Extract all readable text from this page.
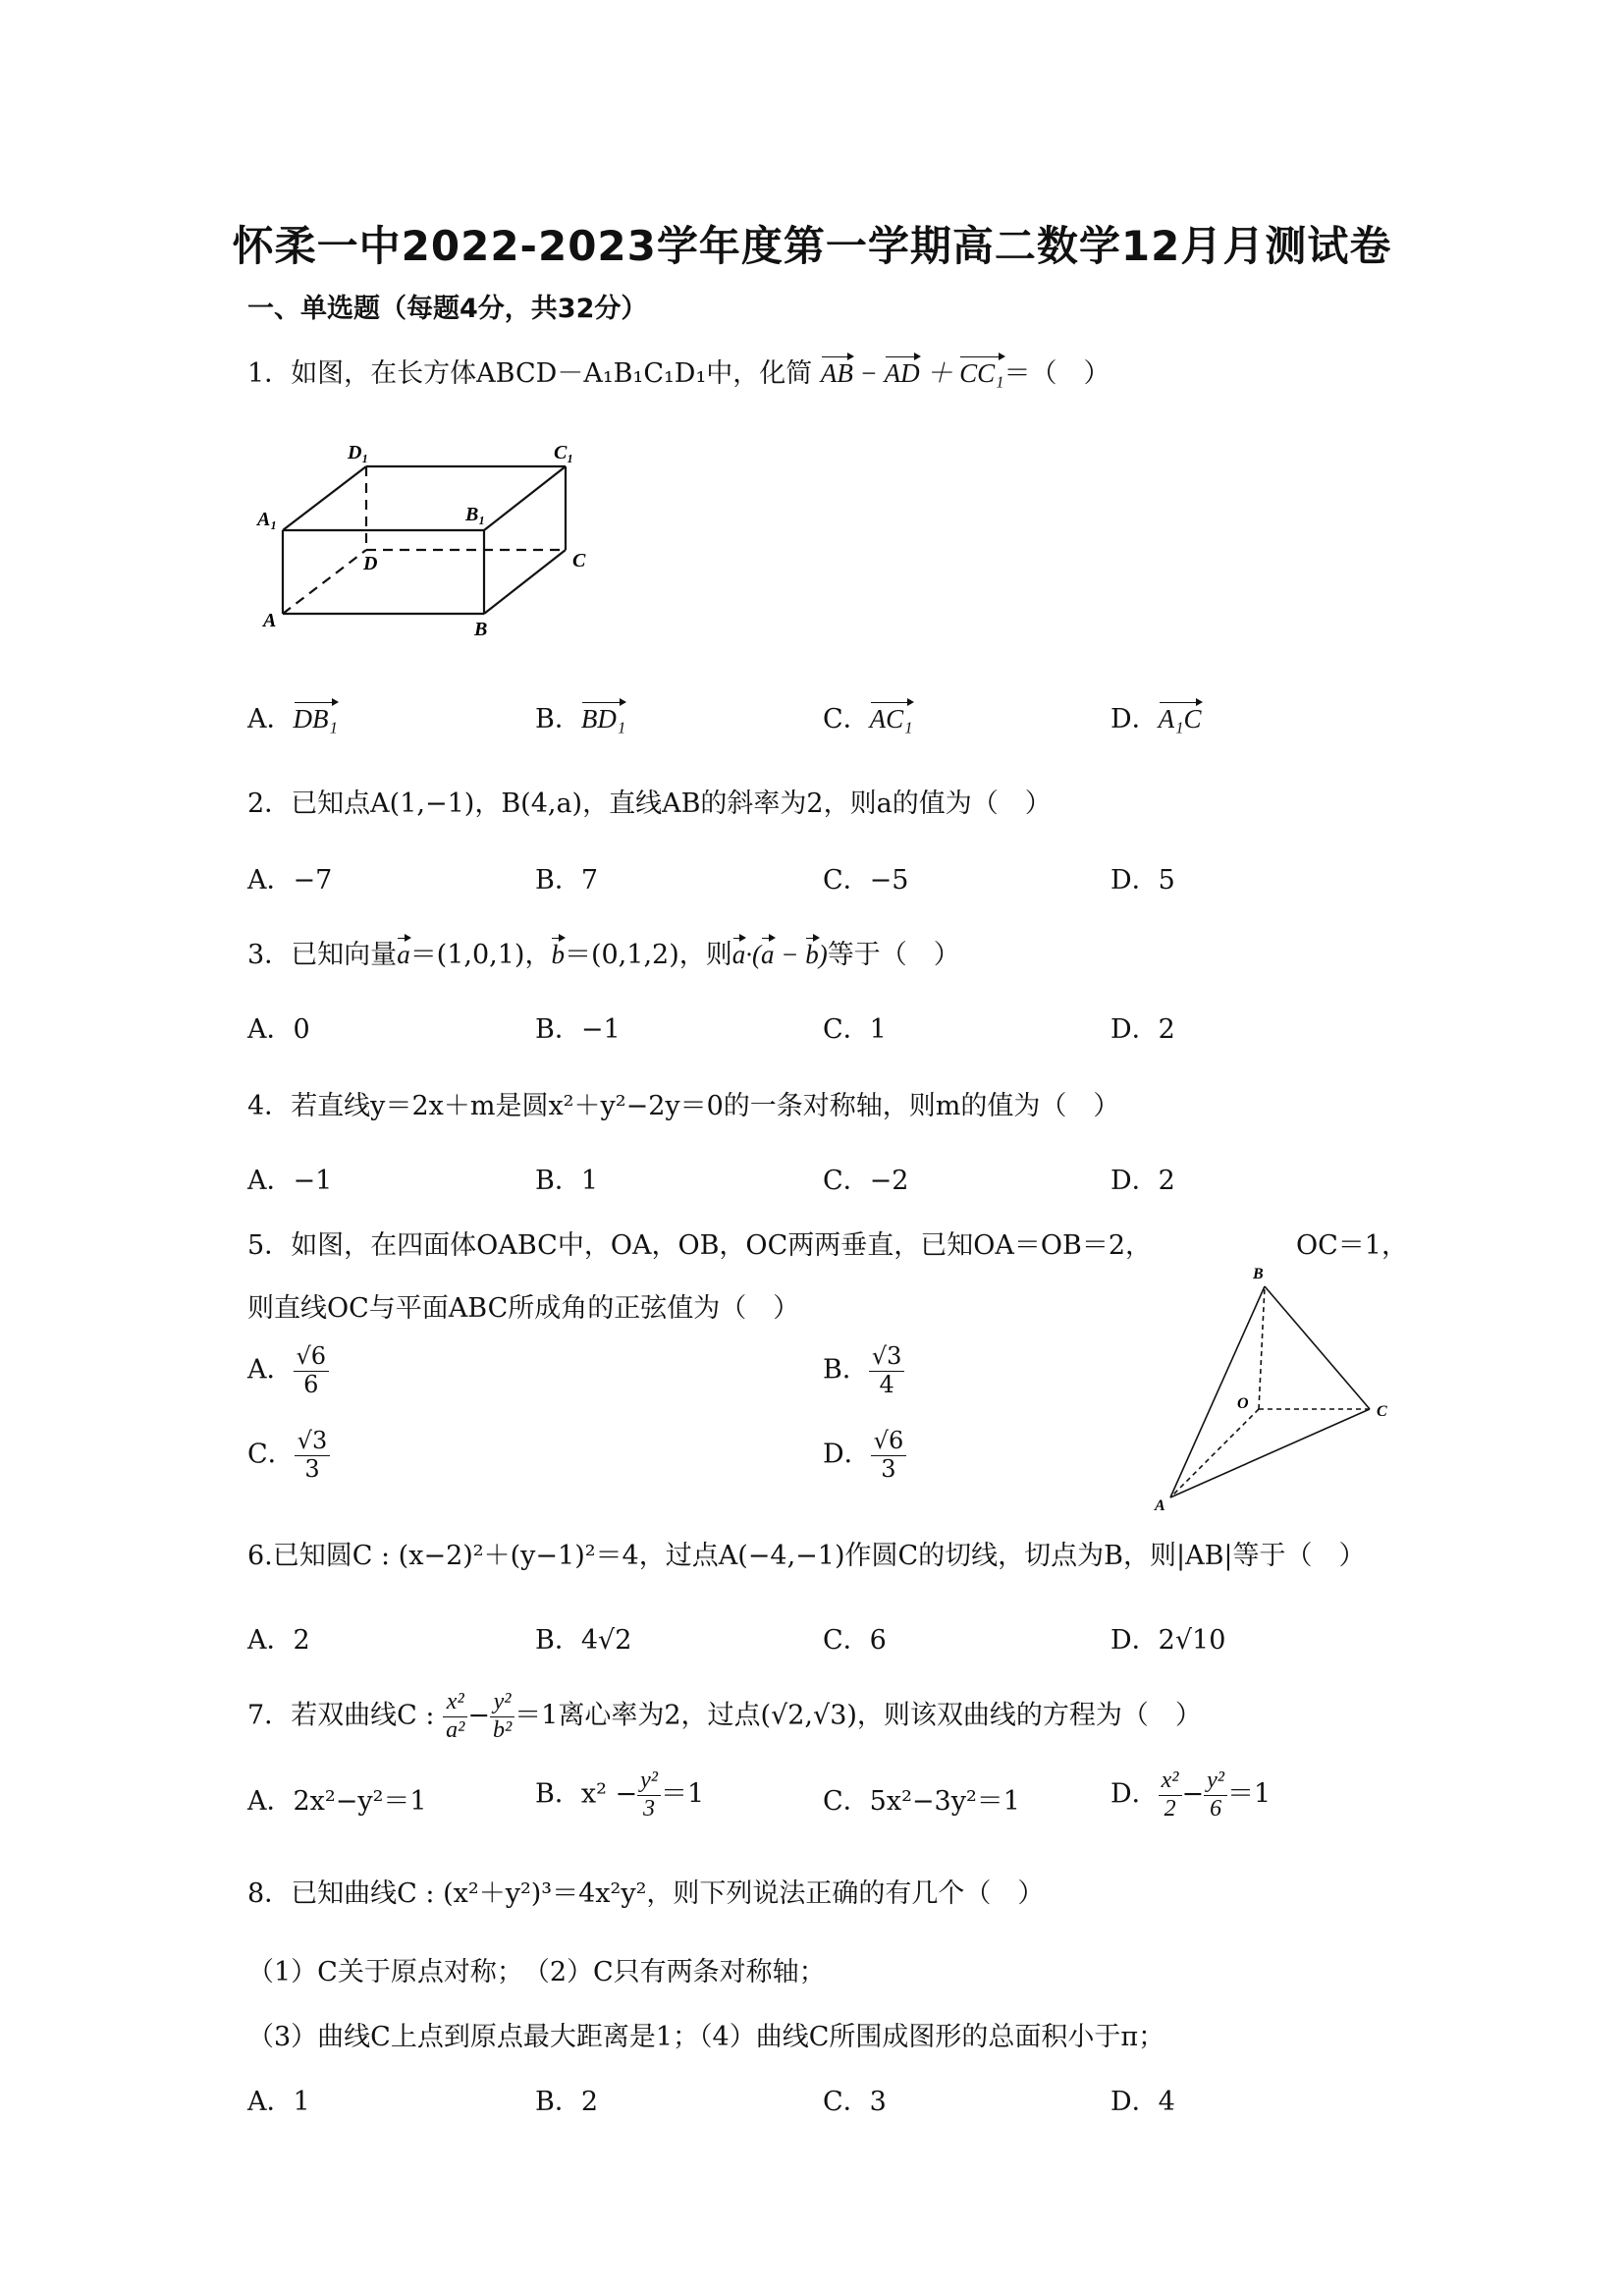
怀柔一中2022-2023学年度第一学期高二数学12月月测试卷
一、单选题（每题4分，共32分）
1．如图，在长方体ABCD－A₁B₁C₁D₁中，化简 AB − AD ＋ CC₁＝（　）
A	B
C
D
A₁	B₁
C₁
D₁
A．DB₁	B．BD₁	C．AC₁	D．A₁C
2．已知点A(1,−1)，B(4,a)，直线AB的斜率为2，则a的值为（　）
A．−7	B．7	C．−5	D．5
3．已知向量a＝(1,0,1)，b＝(0,1,2)，则a·(a − b)等于（　）
A．0	B．−1	C．1	D．2
4．若直线y＝2x＋m是圆x²＋y²−2y＝0的一条对称轴，则m的值为（　）
A．−1	B．1	C．−2	D．2
5．如图，在四面体OABC中，OA，OB，OC两两垂直，已知OA＝OB＝2，	OC＝1，
则直线OC与平面ABC所成角的正弦值为（　）
A． $\frac{√6}{6}$	B． $\frac{√3}{4}$
C． $\frac{√3}{3}$	D． $\frac{√6}{3}$
B
O	C
A
6.已知圆C : (x−2)²＋(y−1)²＝4，过点A(−4,−1)作圆C的切线，切点为B，则|AB|等于（　）
A．2	B．4√2	C．6	D．2√10
7．若双曲线C : $\frac{\text{x²}}{\text{a²}} - \frac{\text{y²}}{\text{b²}} =1$离心率为2，过点(√2,√3)，则该双曲线的方程为（　）
A．2x²−y²＝1	B．$x^2 - \frac{\text{y²}}{3} =1$	C．5x²−3y²＝1	D． $\frac{\text{x²}}{2} - \frac{\text{y²}}{6} =1$
8．已知曲线C : (x²＋y²)³＝4x²y²，则下列说法正确的有几个（　）
（1）C关于原点对称；　（2）C只有两条对称轴；
（3）曲线C上点到原点最大距离是1；（4）曲线C所围成图形的总面积小于π；
A．1	B．2	C．3	D．4
